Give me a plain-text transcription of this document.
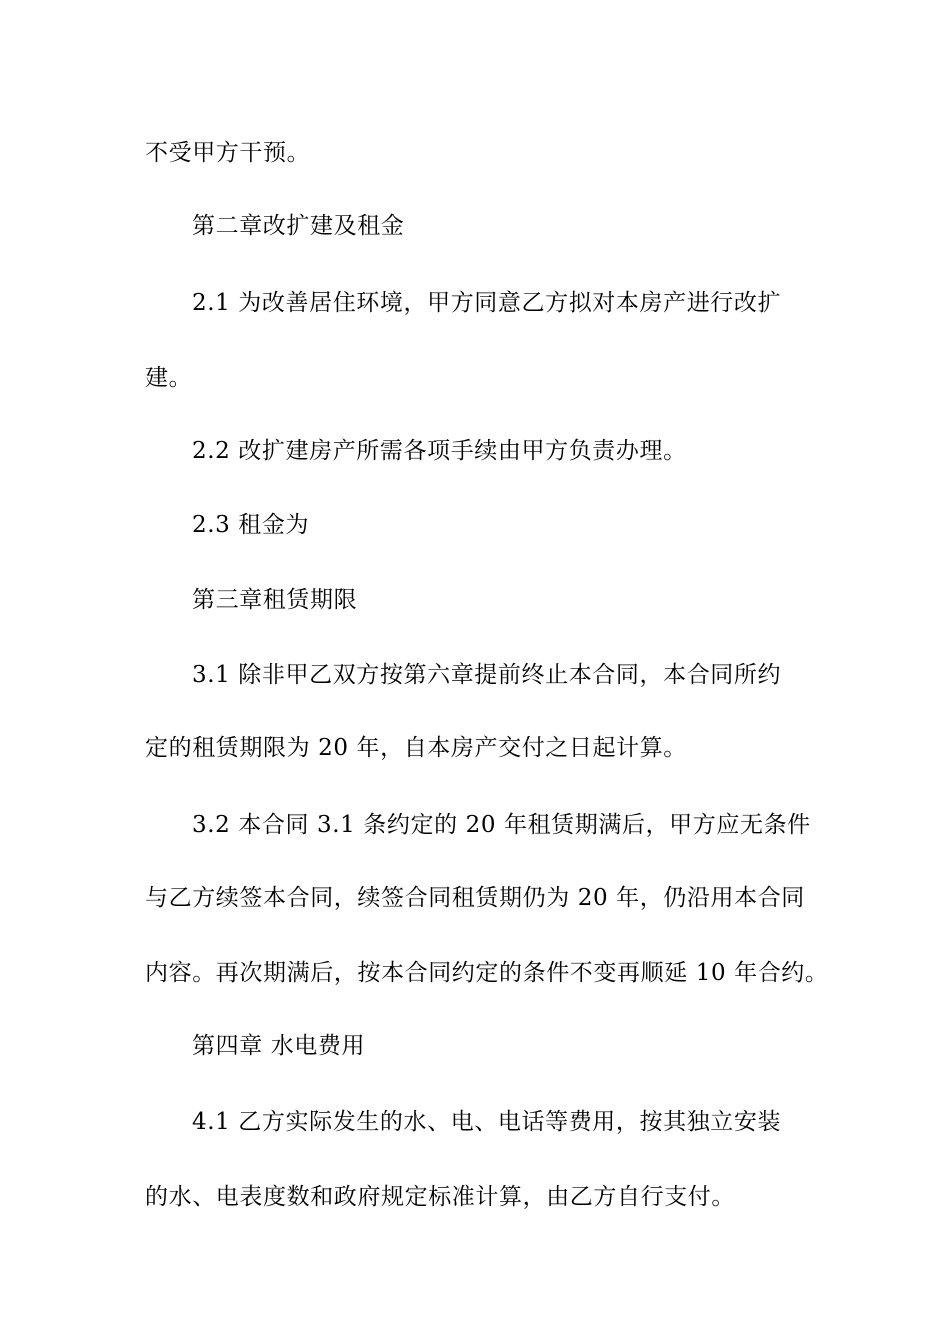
不受甲方干预。
第二章改扩建及租金
2.1 为改善居住环境，甲方同意乙方拟对本房产进行改扩
建。
2.2 改扩建房产所需各项手续由甲方负责办理。
2.3 租金为
第三章租赁期限
3.1 除非甲乙双方按第六章提前终止本合同，本合同所约
定的租赁期限为 20 年，自本房产交付之日起计算。
3.2 本合同 3.1 条约定的 20 年租赁期满后，甲方应无条件
与乙方续签本合同，续签合同租赁期仍为 20 年，仍沿用本合同
内容。再次期满后，按本合同约定的条件不变再顺延 10 年合约。
第四章 水电费用
4.1 乙方实际发生的水、电、电话等费用，按其独立安装
的水、电表度数和政府规定标准计算，由乙方自行支付。
